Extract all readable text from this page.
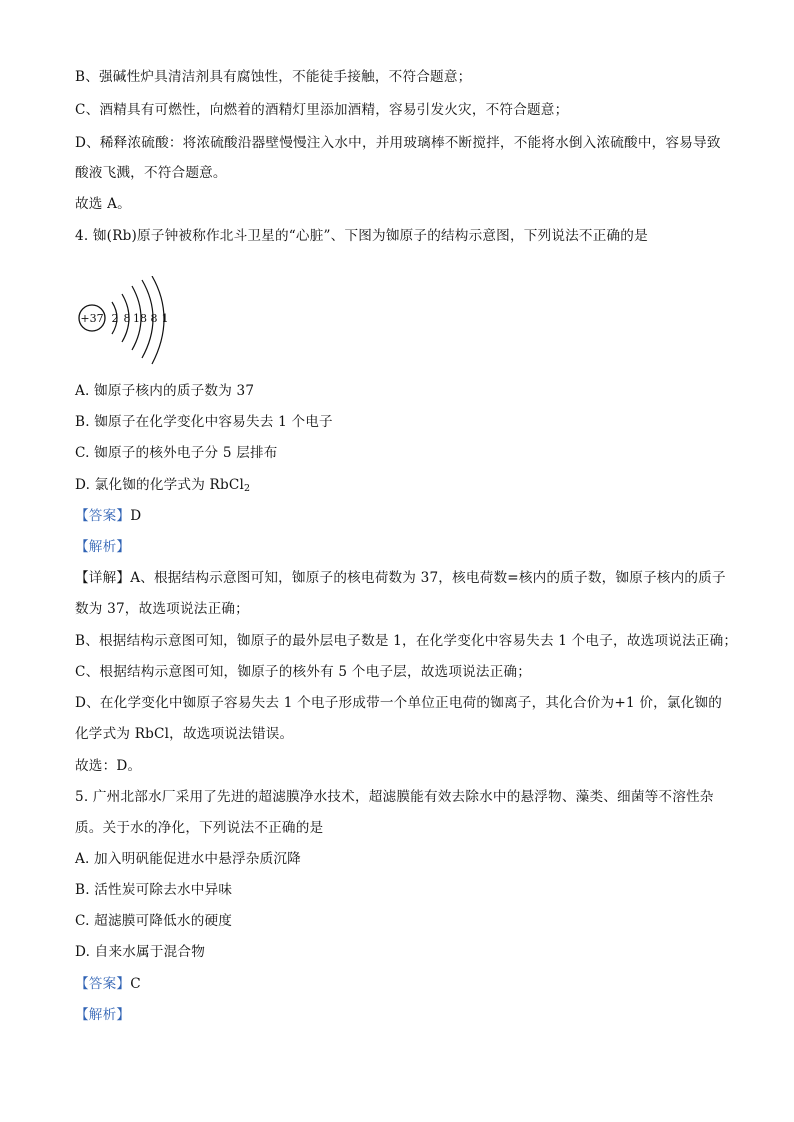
B、强碱性炉具清洁剂具有腐蚀性，不能徒手接触，不符合题意；
C、酒精具有可燃性，向燃着的酒精灯里添加酒精，容易引发火灾，不符合题意；
D、稀释浓硫酸：将浓硫酸沿器壁慢慢注入水中，并用玻璃棒不断搅拌，不能将水倒入浓硫酸中，容易导致
酸液飞溅，不符合题意。
故选 A。
4. 铷(Rb)原子钟被称作北斗卫星的“心脏”、下图为铷原子的结构示意图，下列说法不正确的是
+37 2 8 18 8 1
A. 铷原子核内的质子数为 37
B. 铷原子在化学变化中容易失去 1 个电子
C. 铷原子的核外电子分 5 层排布
D. 氯化铷的化学式为 RbCl$_2$
【答案】D
【解析】
【详解】A、根据结构示意图可知，铷原子的核电荷数为 37，核电荷数=核内的质子数，铷原子核内的质子
数为 37，故选项说法正确；
B、根据结构示意图可知，铷原子的最外层电子数是 1，在化学变化中容易失去 1 个电子，故选项说法正确；
C、根据结构示意图可知，铷原子的核外有 5 个电子层，故选项说法正确；
D、在化学变化中铷原子容易失去 1 个电子形成带一个单位正电荷的铷离子，其化合价为+1 价，氯化铷的
化学式为 RbCl，故选项说法错误。
故选：D。
5. 广州北部水厂采用了先进的超滤膜净水技术，超滤膜能有效去除水中的悬浮物、藻类、细菌等不溶性杂
质。关于水的净化，下列说法不正确的是
A. 加入明矾能促进水中悬浮杂质沉降
B. 活性炭可除去水中异味
C. 超滤膜可降低水的硬度
D. 自来水属于混合物
【答案】C
【解析】
